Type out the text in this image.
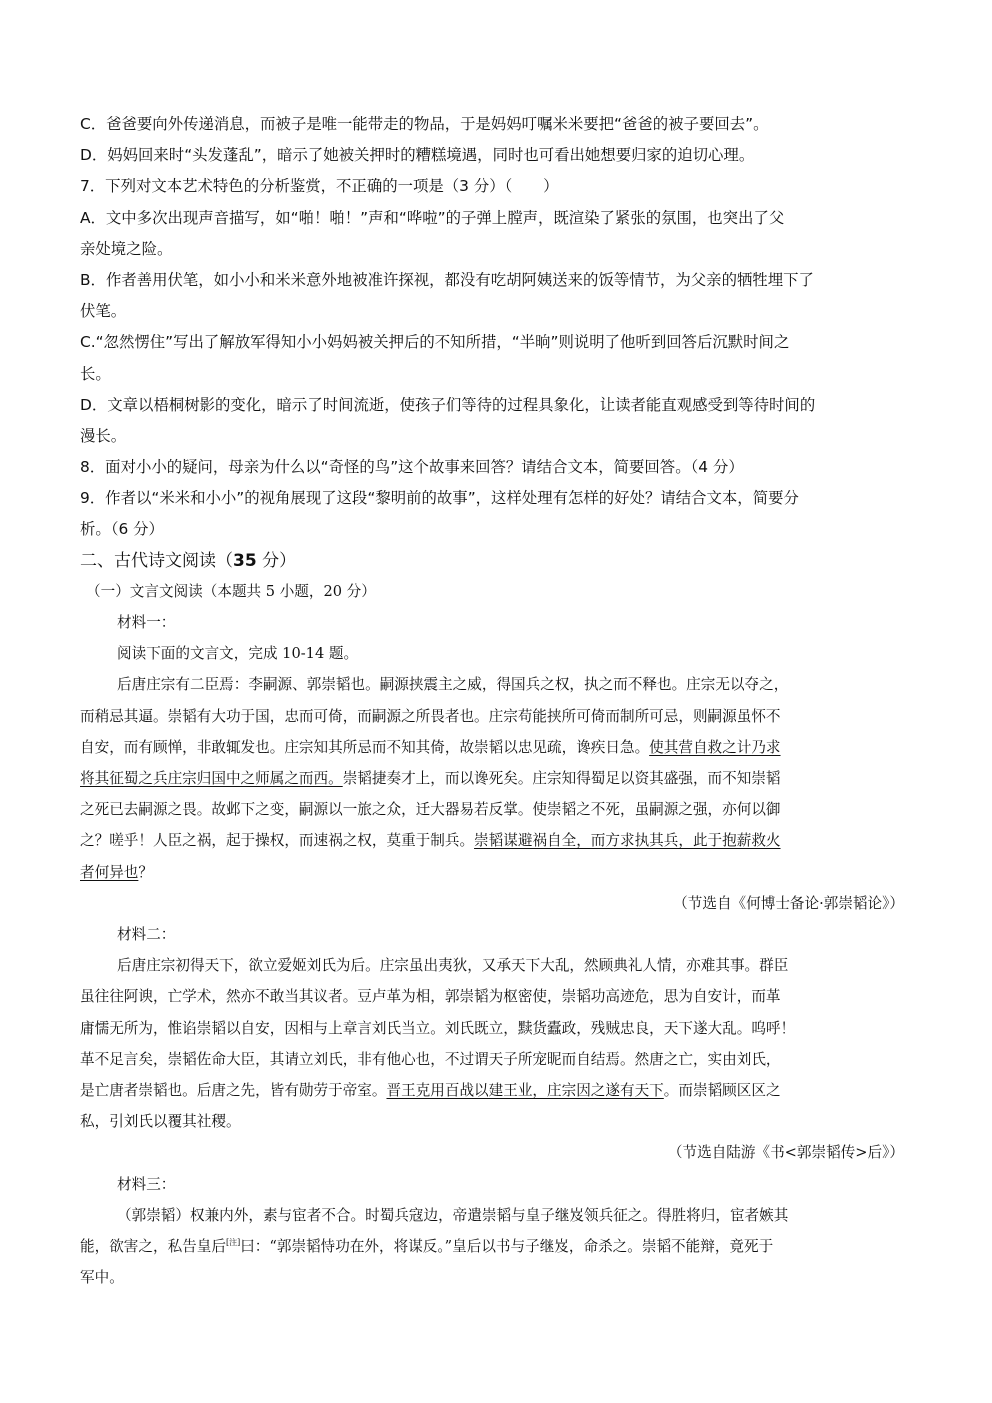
C．爸爸要向外传递消息，而被子是唯一能带走的物品，于是妈妈叮嘱米米要把“爸爸的被子要回去”。
D．妈妈回来时“头发蓬乱”，暗示了她被关押时的糟糕境遇，同时也可看出她想要归家的迫切心理。
7．下列对文本艺术特色的分析鉴赏，不正确的一项是（3 分）（　　）
A．文中多次出现声音描写，如“啪！啪！”声和“哗啦”的子弹上膛声，既渲染了紧张的氛围，也突出了父
亲处境之险。
B．作者善用伏笔，如小小和米米意外地被准许探视，都没有吃胡阿姨送来的饭等情节，为父亲的牺牲埋下了
伏笔。
C.“忽然愣住”写出了解放军得知小小妈妈被关押后的不知所措，“半晌”则说明了他听到回答后沉默时间之
长。
D．文章以梧桐树影的变化，暗示了时间流逝，使孩子们等待的过程具象化，让读者能直观感受到等待时间的
漫长。
8．面对小小的疑问，母亲为什么以“奇怪的鸟”这个故事来回答？请结合文本，简要回答。（4 分）
9．作者以“米米和小小”的视角展现了这段“黎明前的故事”，这样处理有怎样的好处？请结合文本，简要分
析。（6 分）
二、古代诗文阅读（35 分）
（一）文言文阅读（本题共 5 小题，20 分）
材料一：
阅读下面的文言文，完成 10-14 题。
后唐庄宗有二臣焉：李嗣源、郭崇韬也。嗣源挟震主之威，得国兵之权，执之而不释也。庄宗无以夺之，
而稍忌其逼。崇韬有大功于国，忠而可倚，而嗣源之所畏者也。庄宗苟能挟所可倚而制所可忌，则嗣源虽怀不
自安，而有顾惮，非敢辄发也。庄宗知其所忌而不知其倚，故崇韬以忠见疏，谗疾日急。使其营自救之计乃求
将其征蜀之兵庄宗归国中之师属之而西。崇韬捷奏才上，而以谗死矣。庄宗知得蜀足以资其盛强，而不知崇韬
之死已去嗣源之畏。故邺下之变，嗣源以一旅之众，迁大器易若反掌。使崇韬之不死，虽嗣源之强，亦何以御
之？嗟乎！人臣之祸，起于操权，而速祸之权，莫重于制兵。崇韬谋避祸自全，而方求执其兵，此于抱薪救火
者何异也？
（节选自《何博士备论·郭崇韬论》）
材料二：
后唐庄宗初得天下，欲立爱姬刘氏为后。庄宗虽出夷狄，又承天下大乱，然顾典礼人情，亦难其事。群臣
虽往往阿谀，亡学术，然亦不敢当其议者。豆卢革为相，郭崇韬为枢密使，崇韬功高迹危，思为自安计，而革
庸懦无所为，惟谄崇韬以自安，因相与上章言刘氏当立。刘氏既立，黩货蠹政，残贼忠良，天下遂大乱。呜呼！
革不足言矣，崇韬佐命大臣，其请立刘氏，非有他心也，不过谓天子所宠昵而自结焉。然唐之亡，实由刘氏，
是亡唐者崇韬也。后唐之先，皆有勋劳于帝室。晋王克用百战以建王业，庄宗因之遂有天下。而崇韬顾区区之
私，引刘氏以覆其社稷。
（节选自陆游《书<郭崇韬传>后》）
材料三：
（郭崇韬）权兼内外，素与宦者不合。时蜀兵寇边，帝遣崇韬与皇子继岌领兵征之。得胜将归，宦者嫉其
能，欲害之，私告皇后[注]曰：“郭崇韬恃功在外，将谋反。”皇后以书与子继岌，命杀之。崇韬不能辩，竟死于
军中。
